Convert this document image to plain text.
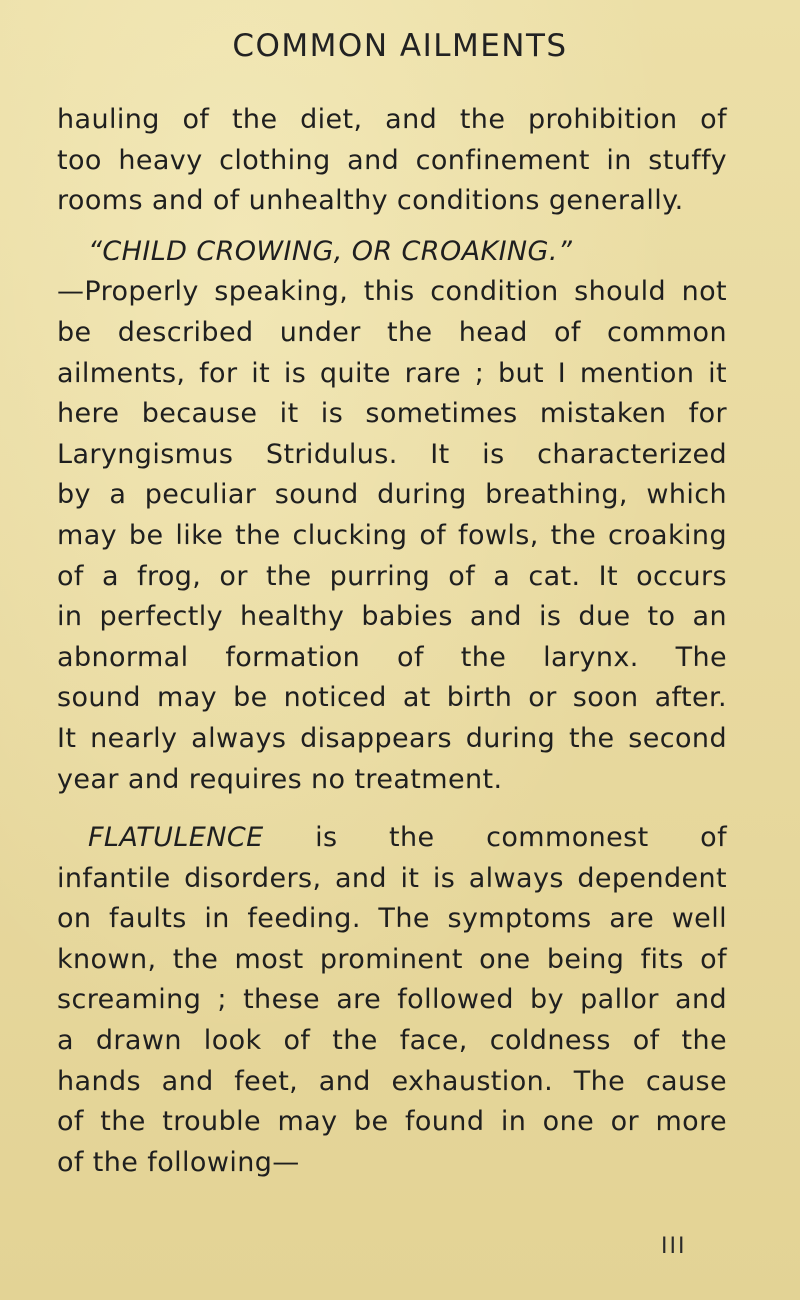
COMMON AILMENTS
hauling of the diet, and the prohibition of
too heavy clothing and confinement in stuffy
rooms and of unhealthy conditions generally.
“CHILD CROWING, OR CROAKING.”
—Properly speaking, this condition should not
be described under the head of common
ailments, for it is quite rare ; but I mention it
here because it is sometimes mistaken for
Laryngismus Stridulus. It is characterized
by a peculiar sound during breathing, which
may be like the clucking of fowls, the croaking
of a frog, or the purring of a cat. It occurs
in perfectly healthy babies and is due to an
abnormal formation of the larynx. The
sound may be noticed at birth or soon after.
It nearly always disappears during the second
year and requires no treatment.
FLATULENCE is the commonest of
infantile disorders, and it is always dependent
on faults in feeding. The symptoms are well
known, the most prominent one being fits of
screaming ; these are followed by pallor and
a drawn look of the face, coldness of the
hands and feet, and exhaustion. The cause
of the trouble may be found in one or more
of the following—
III
